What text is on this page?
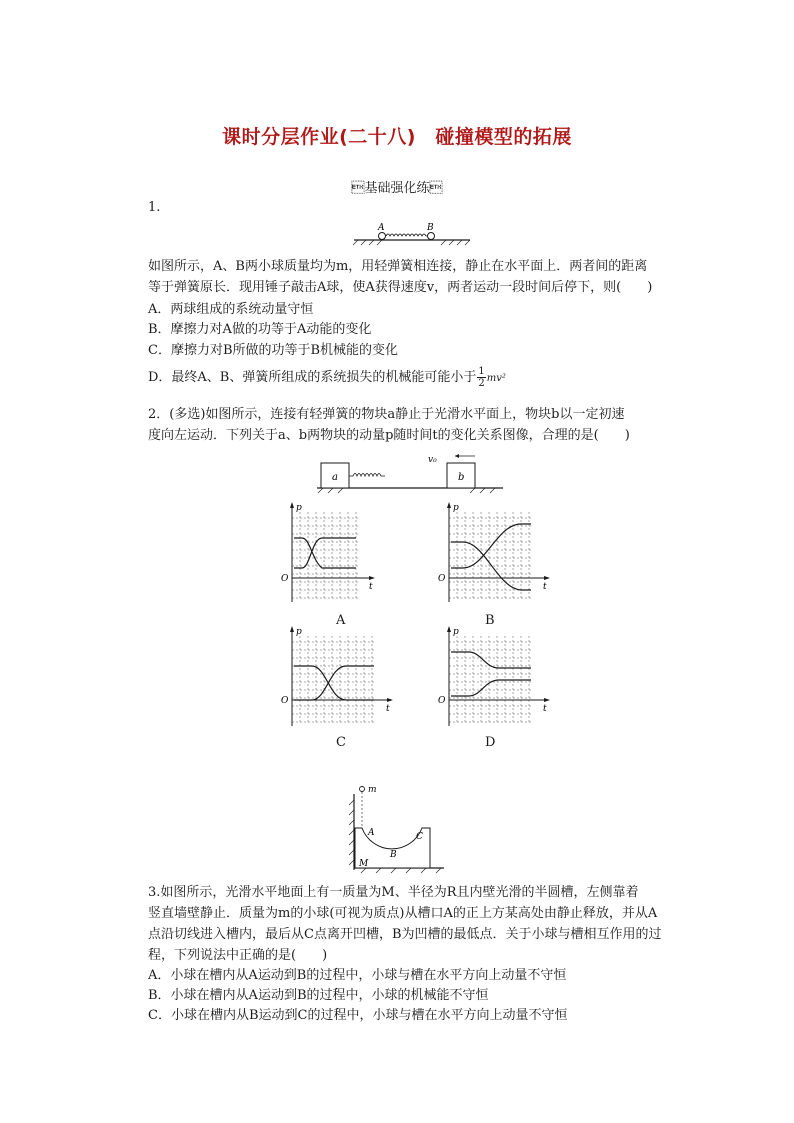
课时分层作业(二十八)　碰撞模型的拓展
基础强化练
1.
A	B
如图所示，A、B两小球质量均为m，用轻弹簧相连接，静止在水平面上．两者间的距离
等于弹簧原长．现用锤子敲击A球，使A获得速度v，两者运动一段时间后停下，则(　　)
A．两球组成的系统动量守恒
B．摩擦力对A做的功等于A动能的变化
C．摩擦力对B所做的功等于B机械能的变化
D．最终A、B、弹簧所组成的系统损失的机械能可能小于 $\frac{1}{2} mv^2$
2．(多选)如图所示，连接有轻弹簧的物块a静止于光滑水平面上，物块b以一定初速
度向左运动．下列关于a、b两物块的动量p随时间t的变化关系图像，合理的是(　　)
a	b
v₀
p
t
O
A
p
t
O
B
p
t
O
C
p
t
O
D
m
A
B
C
M
3.如图所示，光滑水平地面上有一质量为M、半径为R且内壁光滑的半圆槽，左侧靠着
竖直墙壁静止．质量为m的小球(可视为质点)从槽口A的正上方某高处由静止释放，并从A
点沿切线进入槽内，最后从C点离开凹槽，B为凹槽的最低点．关于小球与槽相互作用的过
程，下列说法中正确的是(　　)
A．小球在槽内从A运动到B的过程中，小球与槽在水平方向上动量不守恒
B．小球在槽内从A运动到B的过程中，小球的机械能不守恒
C．小球在槽内从B运动到C的过程中，小球与槽在水平方向上动量不守恒
